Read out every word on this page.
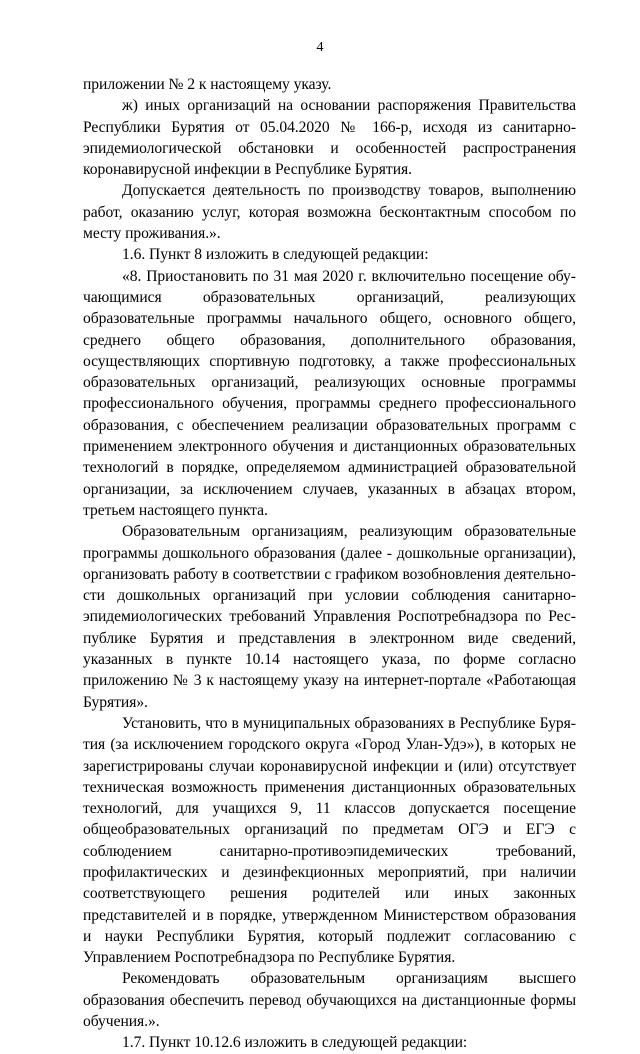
4

приложении № 2 к настоящему указу.

ж) иных организаций на основании распоряжения Правительства Республики Бурятия от 05.04.2020 № 166-р, исходя из санитарно-эпидемиологической обстановки и особенностей распространения коронавирусной инфекции в Республике Бурятия.

Допускается деятельность по производству товаров, выполнению работ, оказанию услуг, которая возможна бесконтактным способом по месту проживания.».

1.6. Пункт 8 изложить в следующей редакции:

«8. Приостановить по 31 мая 2020 г. включительно посещение обучающимися образовательных организаций, реализующих образовательные программы начального общего, основного общего, среднего общего образования, дополнительного образования, осуществляющих спортивную подготовку, а также профессиональных образовательных организаций, реализующих основные программы профессионального обучения, программы среднего профессионального образования, с обеспечением реализации образовательных программ с применением электронного обучения и дистанционных образовательных технологий в порядке, определяемом администрацией образовательной организации, за исключением случаев, указанных в абзацах втором, третьем настоящего пункта.

Образовательным организациям, реализующим образовательные программы дошкольного образования (далее - дошкольные организации), организовать работу в соответствии с графиком возобновления деятельности дошкольных организаций при условии соблюдения санитарно-эпидемиологических требований Управления Роспотребнадзора по Республике Бурятия и представления в электронном виде сведений, указанных в пункте 10.14 настоящего указа, по форме согласно приложению № 3 к настоящему указу на интернет-портале «Работающая Бурятия».

Установить, что в муниципальных образованиях в Республике Бурятия (за исключением городского округа «Город Улан-Удэ»), в которых не зарегистрированы случаи коронавирусной инфекции и (или) отсутствует техническая возможность применения дистанционных образовательных технологий, для учащихся 9, 11 классов допускается посещение общеобразовательных организаций по предметам ОГЭ и ЕГЭ с соблюдением санитарно-противоэпидемических требований, профилактических и дезинфекционных мероприятий, при наличии соответствующего решения родителей или иных законных представителей и в порядке, утвержденном Министерством образования и науки Республики Бурятия, который подлежит согласованию с Управлением Роспотребнадзора по Республике Бурятия.

Рекомендовать образовательным организациям высшего образования обеспечить перевод обучающихся на дистанционные формы обучения.».

1.7. Пункт 10.12.6 изложить в следующей редакции:
